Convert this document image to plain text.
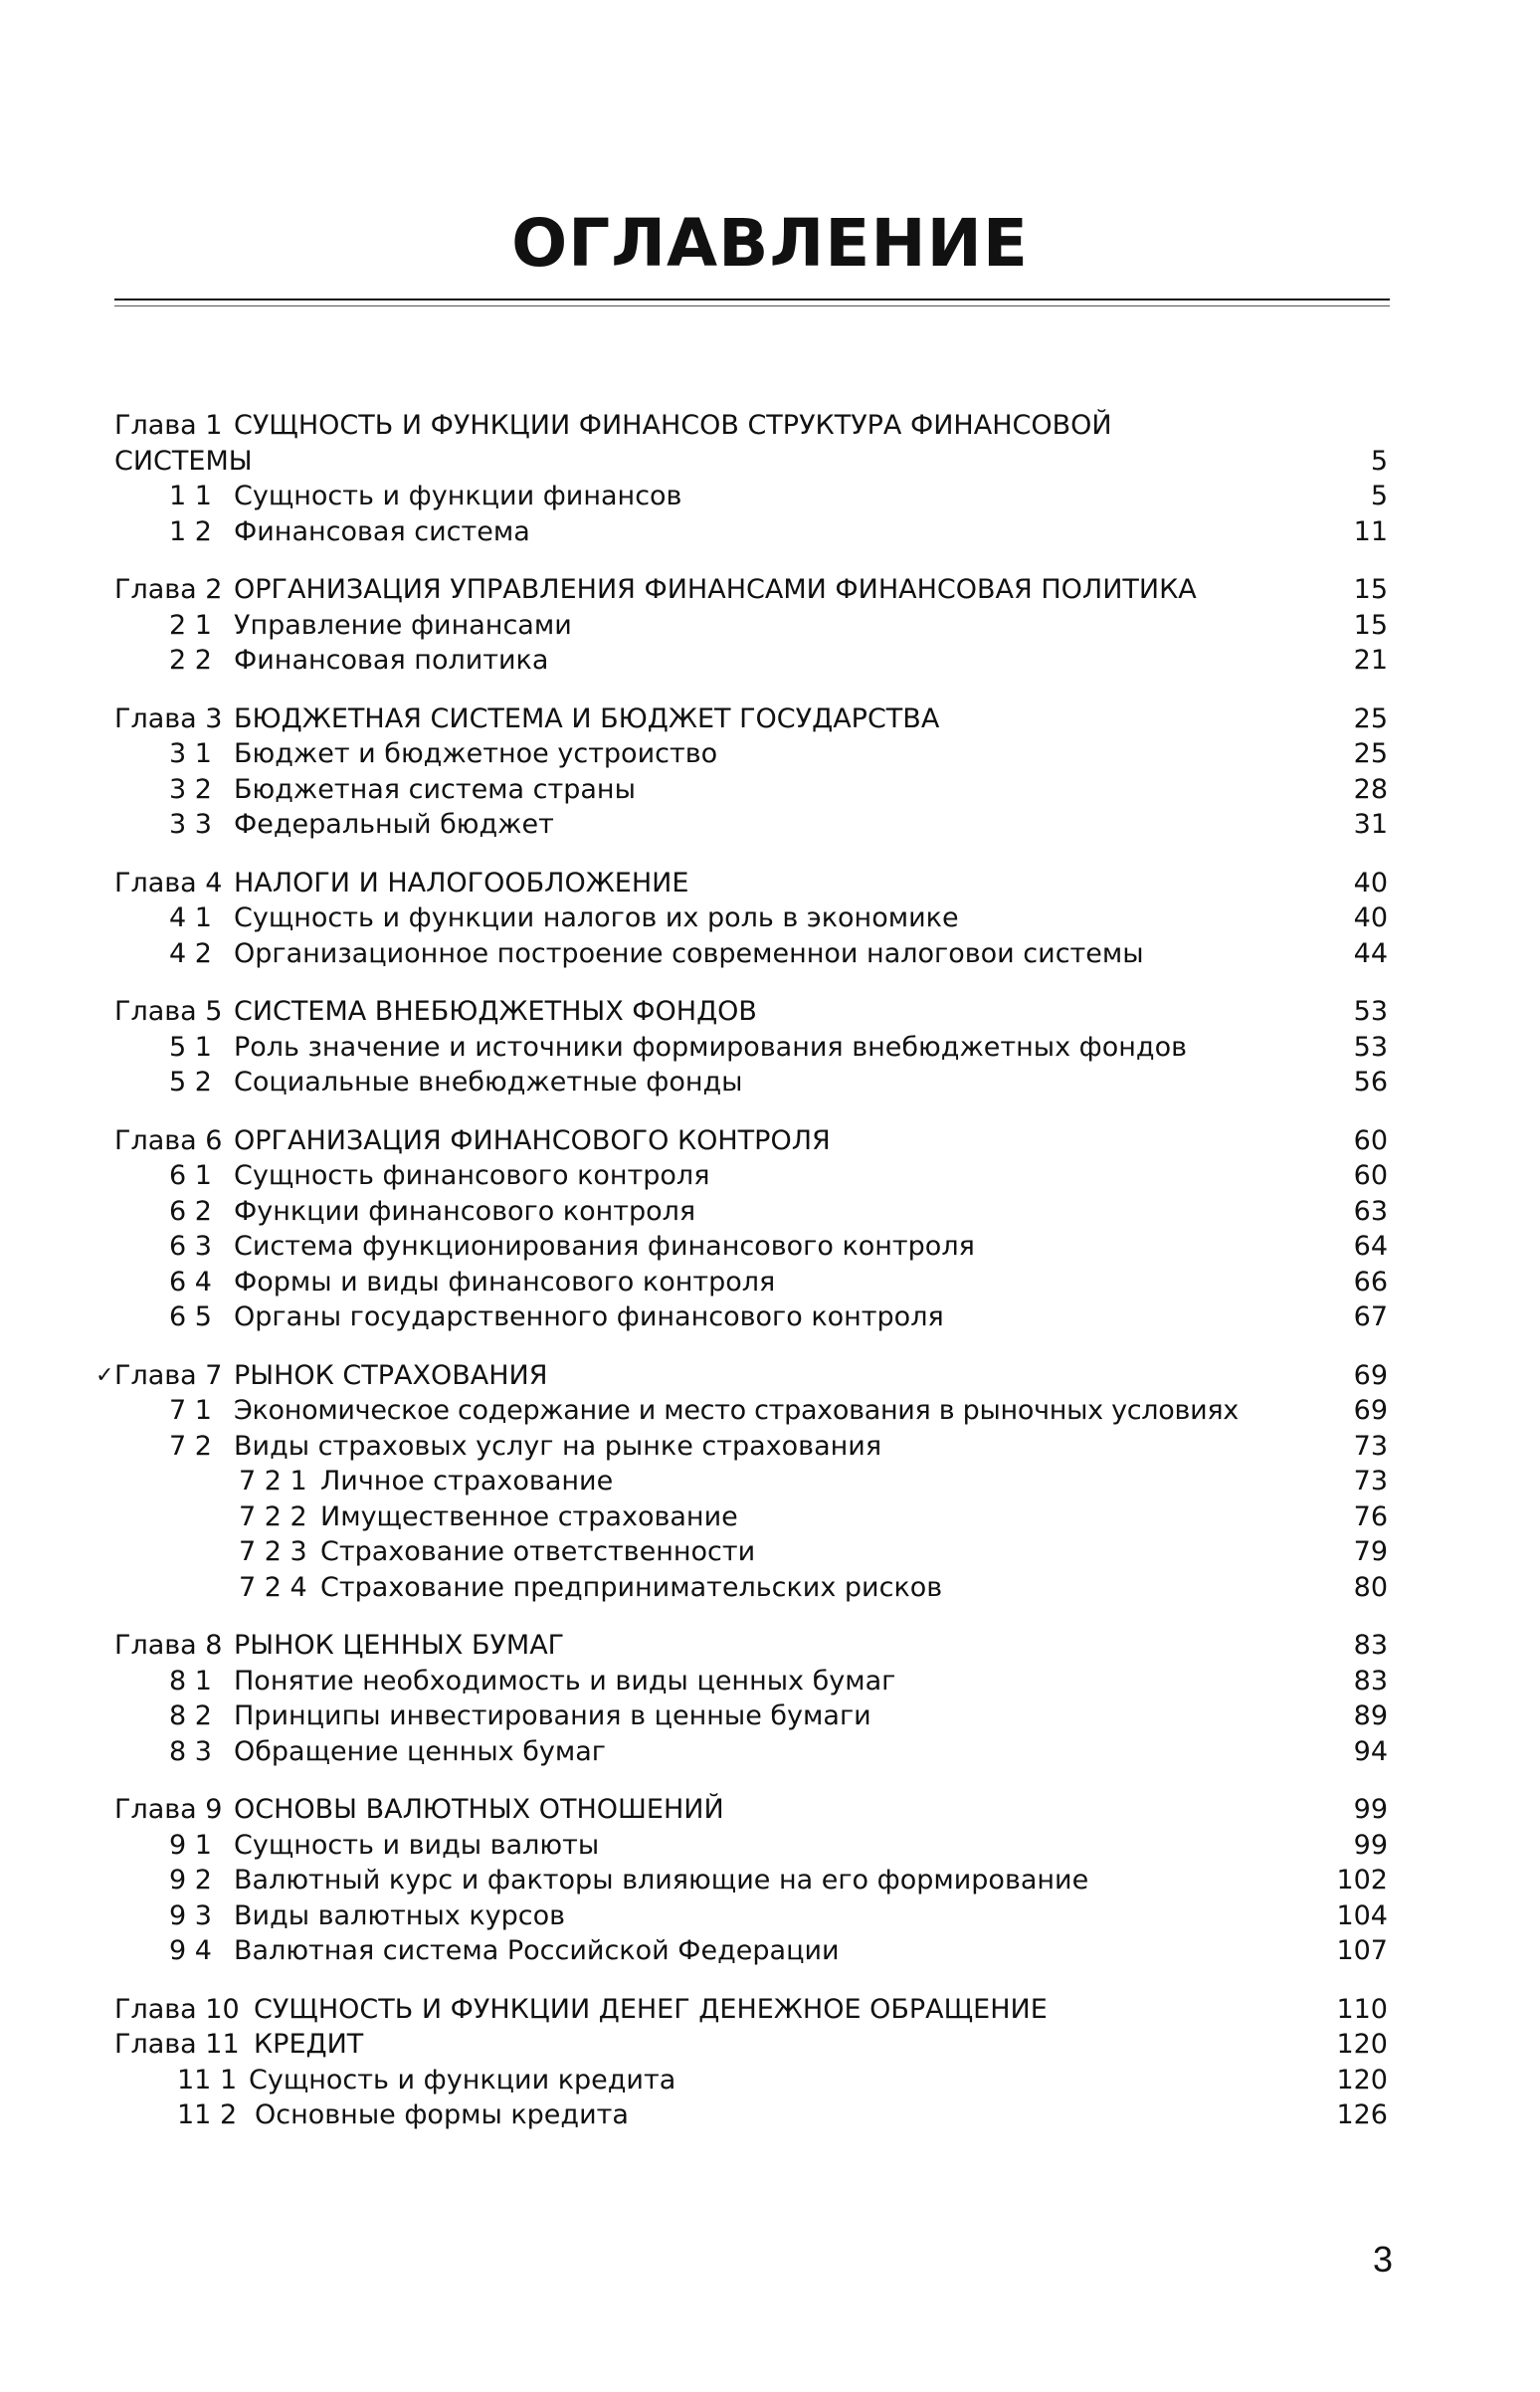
ОГЛАВЛЕНИЕ
Глава 1 СУЩНОСТЬ И ФУНКЦИИ ФИНАНСОВ СТРУКТУРА ФИНАНСОВОЙ
СИСТЕМЫ	5
1 1 Сущность и функции финансов	5
1 2 Финансовая система	11
Глава 2 ОРГАНИЗАЦИЯ УПРАВЛЕНИЯ ФИНАНСАМИ ФИНАНСОВАЯ ПОЛИТИКА	15
2 1 Управление финансами	15
2 2 Финансовая политика	21
Глава 3 БЮДЖЕТНАЯ СИСТЕМА И БЮДЖЕТ ГОСУДАРСТВА	25
3 1 Бюджет и бюджетное устроиство	25
3 2 Бюджетная система страны	28
3 3 Федеральный бюджет	31
Глава 4 НАЛОГИ И НАЛОГООБЛОЖЕНИЕ	40
4 1 Сущность и функции налогов их роль в экономике	40
4 2 Организационное построение современнои налоговои системы	44
Глава 5 СИСТЕМА ВНЕБЮДЖЕТНЫХ ФОНДОВ	53
5 1 Роль значение и источники формирования внебюджетных фондов	53
5 2 Социальные внебюджетные фонды	56
Глава 6 ОРГАНИЗАЦИЯ ФИНАНСОВОГО КОНТРОЛЯ	60
6 1 Сущность финансового контроля	60
6 2 Функции финансового контроля	63
6 3 Система функционирования финансового контроля	64
6 4 Формы и виды финансового контроля	66
6 5 Органы государственного финансового контроля	67
✓ Глава 7 РЫНОК СТРАХОВАНИЯ	69
7 1 Экономическое содержание и место страхования в рыночных условиях	69
7 2 Виды страховых услуг на рынке страхования	73
7 2 1 Личное страхование	73
7 2 2 Имущественное страхование	76
7 2 3 Страхование ответственности	79
7 2 4 Страхование предпринимательских рисков	80
Глава 8 РЫНОК ЦЕННЫХ БУМАГ	83
8 1 Понятие необходимость и виды ценных бумаг	83
8 2 Принципы инвестирования в ценные бумаги	89
8 3 Обращение ценных бумаг	94
Глава 9 ОСНОВЫ ВАЛЮТНЫХ ОТНОШЕНИЙ	99
9 1 Сущность и виды валюты	99
9 2 Валютный курс и факторы влияющие на его формирование	102
9 3 Виды валютных курсов	104
9 4 Валютная система Российской Федерации	107
Глава 10 СУЩНОСТЬ И ФУНКЦИИ ДЕНЕГ ДЕНЕЖНОЕ ОБРАЩЕНИЕ	110
Глава 11 КРЕДИТ	120
11 1 Сущность и функции кредита	120
11 2 Основные формы кредита	126
3
